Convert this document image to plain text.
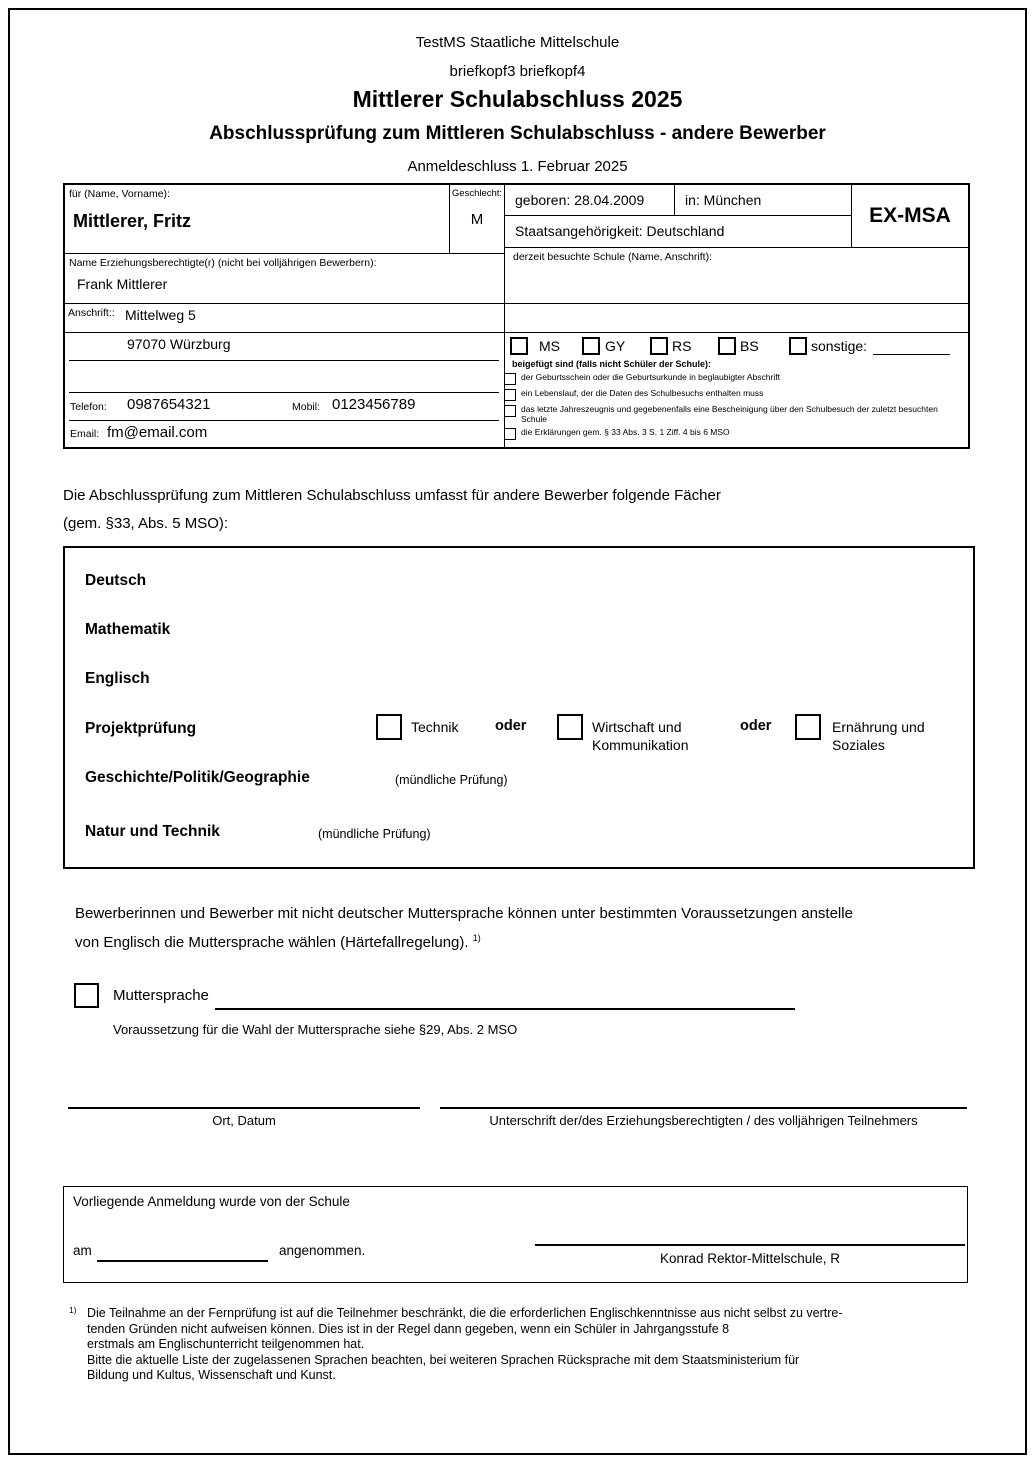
TestMS Staatliche Mittelschule
briefkopf3 briefkopf4
Mittlerer Schulabschluss 2025
Abschlussprüfung zum Mittleren Schulabschluss - andere Bewerber
Anmeldeschluss 1. Februar 2025
für (Name, Vorname):
Mittlerer, Fritz
Geschlecht:
M
geboren: 28.04.2009	in: München
Staatsangehörigkeit: Deutschland
EX-MSA
Name Erziehungsberechtigte(r) (nicht bei volljährigen Bewerbern):
Frank Mittlerer
derzeit besuchte Schule (Name, Anschrift):
Anschrift:: Mittelweg 5
97070 Würzburg
Telefon: 0987654321	Mobil: 0123456789
Email: fm@email.com
MS	GY	RS	BS	sonstige:
beigefügt sind (falls nicht Schüler der Schule):
der Geburtsschein oder die Geburtsurkunde in beglaubigter Abschrift
ein Lebenslauf, der die Daten des Schulbesuchs enthalten muss
das letzte Jahreszeugnis und gegebenenfalls eine Bescheinigung über den Schulbesuch der zuletzt besuchten Schule
die Erklärungen gem. § 33 Abs. 3 S. 1 Ziff. 4 bis 6 MSO
Die Abschlussprüfung zum Mittleren Schulabschluss umfasst für andere Bewerber folgende Fächer
(gem. §33, Abs. 5 MSO):
Deutsch
Mathematik
Englisch
Projektprüfung	Technik	oder	Wirtschaft und Kommunikation
oder	Ernährung und Soziales
Geschichte/Politik/Geographie	(mündliche Prüfung)
Natur und Technik	(mündliche Prüfung)
Bewerberinnen und Bewerber mit nicht deutscher Muttersprache können unter bestimmten Voraussetzungen anstelle
von Englisch die Muttersprache wählen (Härtefallregelung). $^{1)}$
Muttersprache
Voraussetzung für die Wahl der Muttersprache siehe §29, Abs. 2 MSO
Ort, Datum	Unterschrift der/des Erziehungsberechtigten / des volljährigen Teilnehmers
Vorliegende Anmeldung wurde von der Schule
am	angenommen.
Konrad Rektor-Mittelschule, R
1) Die Teilnahme an der Fernprüfung ist auf die Teilnehmer beschränkt, die die erforderlichen Englischkenntnisse aus nicht selbst zu vertre-
tenden Gründen nicht aufweisen können. Dies ist in der Regel dann gegeben, wenn ein Schüler in Jahrgangsstufe 8
erstmals am Englischunterricht teilgenommen hat.
Bitte die aktuelle Liste der zugelassenen Sprachen beachten, bei weiteren Sprachen Rücksprache mit dem Staatsministerium für
Bildung und Kultus, Wissenschaft und Kunst.
